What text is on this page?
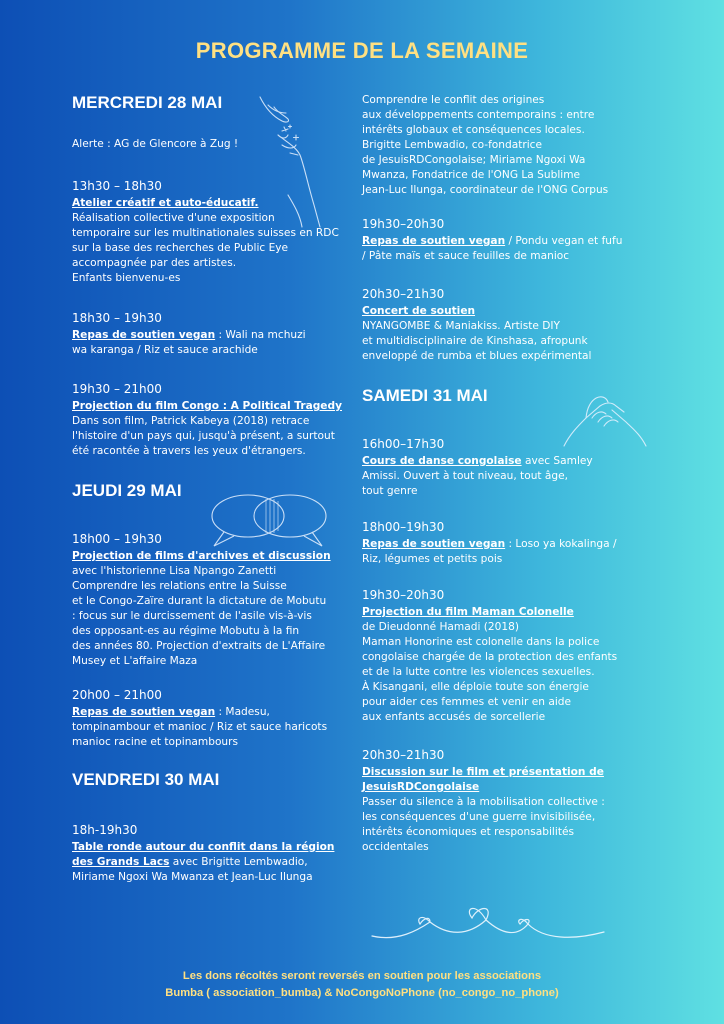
PROGRAMME DE LA SEMAINE
MERCREDI 28 MAI
Alerte : AG de Glencore à Zug !
13h30 – 18h30
Atelier créatif et auto-éducatif.
Réalisation collective d'une exposition
temporaire sur les multinationales suisses en RDC
sur la base des recherches de Public Eye
accompagnée par des artistes.
Enfants bienvenu-es
18h30 – 19h30
Repas de soutien vegan : Wali na mchuzi
wa karanga / Riz et sauce arachide
19h30 – 21h00
Projection du film Congo : A Political Tragedy
Dans son film, Patrick Kabeya (2018) retrace
l'histoire d'un pays qui, jusqu'à présent, a surtout
été racontée à travers les yeux d'étrangers.
JEUDI 29 MAI
18h00 – 19h30
Projection de films d'archives et discussion
avec l'historienne Lisa Npango Zanetti
Comprendre les relations entre la Suisse
et le Congo-Zaïre durant la dictature de Mobutu
: focus sur le durcissement de l'asile vis-à-vis
des opposant-es au régime Mobutu à la fin
des années 80. Projection d'extraits de L'Affaire
Musey et L'affaire Maza
20h00 – 21h00
Repas de soutien vegan : Madesu,
tompinambour et manioc / Riz et sauce haricots
manioc racine et topinambours
VENDREDI 30 MAI
18h-19h30
Table ronde autour du conflit dans la région
des Grands Lacs avec Brigitte Lembwadio,
Miriame Ngoxi Wa Mwanza et Jean-Luc Ilunga
Comprendre le conflit des origines
aux développements contemporains : entre
intérêts globaux et conséquences locales.
Brigitte Lembwadio, co-fondatrice
de JesuisRDCongolaise; Miriame Ngoxi Wa
Mwanza, Fondatrice de l'ONG La Sublime
Jean-Luc Ilunga, coordinateur de l'ONG Corpus
19h30–20h30
Repas de soutien vegan / Pondu vegan et fufu
/ Pâte maïs et sauce feuilles de manioc
20h30–21h30
Concert de soutien
NYANGOMBE & Maniakiss. Artiste DIY
et multidisciplinaire de Kinshasa, afropunk
enveloppé de rumba et blues expérimental
SAMEDI 31 MAI
16h00–17h30
Cours de danse congolaise avec Samley
Amissi. Ouvert à tout niveau, tout âge,
tout genre
18h00–19h30
Repas de soutien vegan : Loso ya kokalinga /
Riz, légumes et petits pois
19h30–20h30
Projection du film Maman Colonelle
de Dieudonné Hamadi (2018)
Maman Honorine est colonelle dans la police
congolaise chargée de la protection des enfants
et de la lutte contre les violences sexuelles.
À Kisangani, elle déploie toute son énergie
pour aider ces femmes et venir en aide
aux enfants accusés de sorcellerie
20h30–21h30
Discussion sur le film et présentation de
JesuisRDCongolaise
Passer du silence à la mobilisation collective :
les conséquences d'une guerre invisibilisée,
intérêts économiques et responsabilités
occidentales
Les dons récoltés seront reversés en soutien pour les associations
Bumba ( association_bumba) & NoCongoNoPhone (no_congo_no_phone)
